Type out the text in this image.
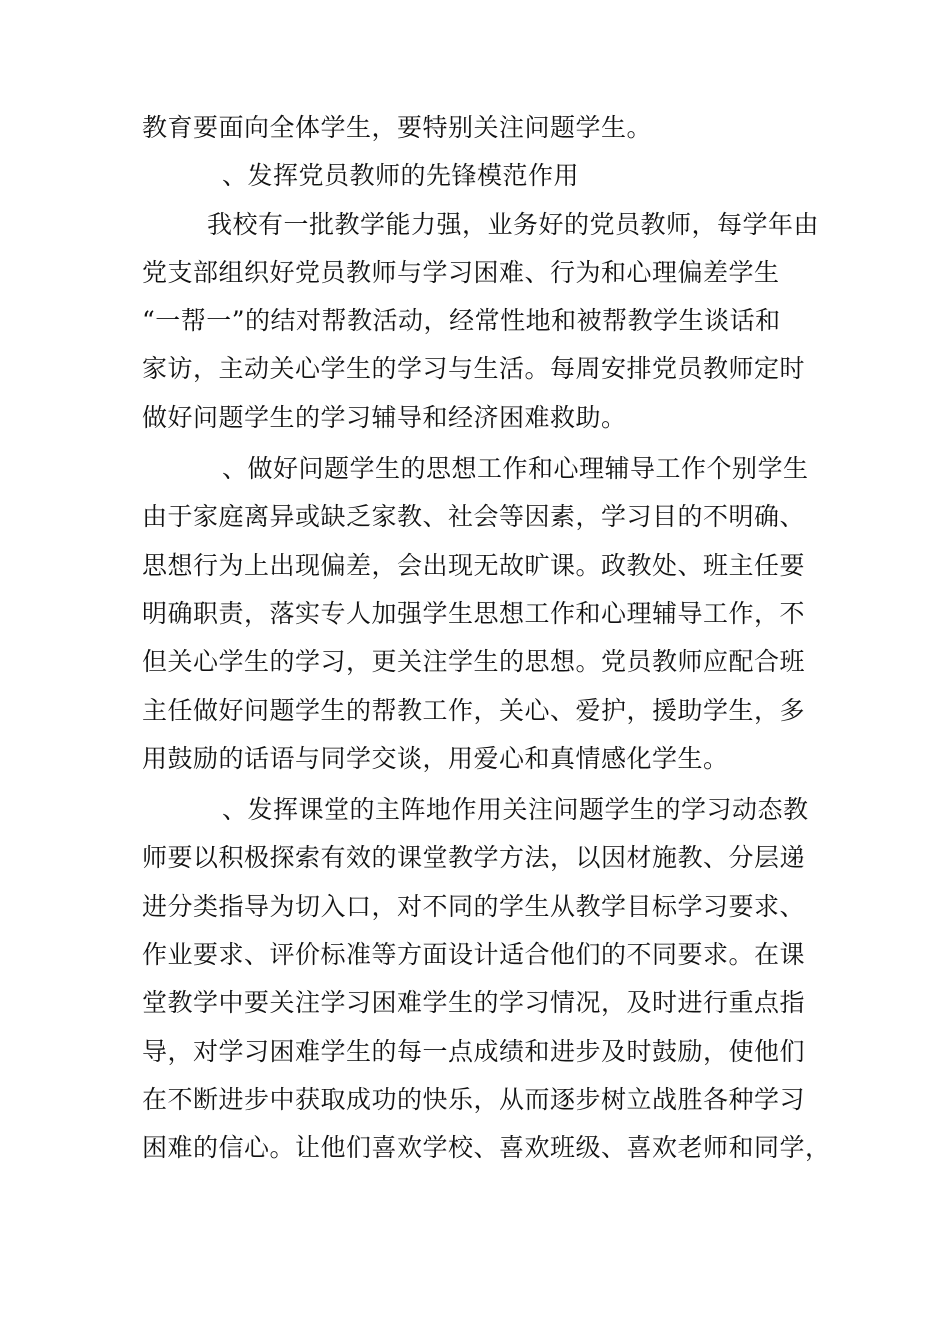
教育要面向全体学生，要特别关注问题学生。
、发挥党员教师的先锋模范作用
我校有一批教学能力强，业务好的党员教师，每学年由
党支部组织好党员教师与学习困难、行为和心理偏差学生
“一帮一”的结对帮教活动，经常性地和被帮教学生谈话和
家访，主动关心学生的学习与生活。每周安排党员教师定时
做好问题学生的学习辅导和经济困难救助。
、做好问题学生的思想工作和心理辅导工作个别学生
由于家庭离异或缺乏家教、社会等因素，学习目的不明确、
思想行为上出现偏差，会出现无故旷课。政教处、班主任要
明确职责，落实专人加强学生思想工作和心理辅导工作，不
但关心学生的学习，更关注学生的思想。党员教师应配合班
主任做好问题学生的帮教工作，关心、爱护，援助学生，多
用鼓励的话语与同学交谈，用爱心和真情感化学生。
、发挥课堂的主阵地作用关注问题学生的学习动态教
师要以积极探索有效的课堂教学方法，以因材施教、分层递
进分类指导为切入口，对不同的学生从教学目标学习要求、
作业要求、评价标准等方面设计适合他们的不同要求。在课
堂教学中要关注学习困难学生的学习情况，及时进行重点指
导，对学习困难学生的每一点成绩和进步及时鼓励，使他们
在不断进步中获取成功的快乐，从而逐步树立战胜各种学习
困难的信心。让他们喜欢学校、喜欢班级、喜欢老师和同学，
